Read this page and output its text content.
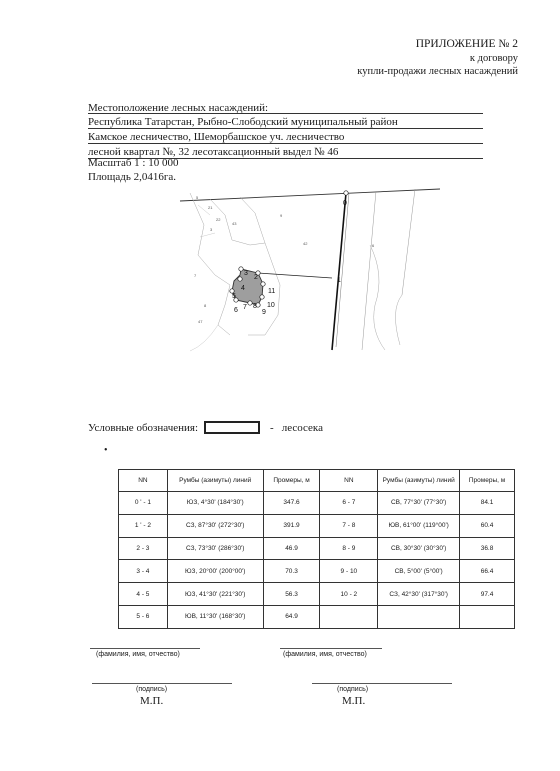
ПРИЛОЖЕНИЕ № 2
к договору
купли-продажи лесных насаждений
Местоположение лесных насаждений:
Республика Татарстан, Рыбно-Слободский муниципальный район
Камское лесничество, Шеморбашское уч. лесничество
лесной квартал №, 32 лесотаксационный выдел № 46
Масштаб 1 : 10 000
Площадь 2,0416га.
0
1
2
3
4
5
6 7 8
9
10
11
42
47
43
21
22
6
5
9
7
8
3
Условные обозначения:	- лесосека
•
NN	Румбы (азимуты) линий	Промеры, м	NN	Румбы (азимуты) линий	Промеры, м
0 ' - 1	ЮЗ, 4°30' (184°30')	347.6	6 - 7	СВ, 77°30' (77°30')	84.1
1 ' - 2	СЗ, 87°30' (272°30')	391.9	7 - 8	ЮВ, 61°00' (119°00')	60.4
2 - 3	СЗ, 73°30' (286°30')	46.9	8 - 9	СВ, 30°30' (30°30')	36.8
3 - 4	ЮЗ, 20°00' (200°00')	70.3	9 - 10	СВ, 5°00' (5°00')	66.4
4 - 5	ЮЗ, 41°30' (221°30')	56.3	10 - 2	СЗ, 42°30' (317°30')	97.4
5 - 6	ЮВ, 11°30' (168°30')	64.9			
(фамилия, имя, отчество)	(фамилия, имя, отчество)
(подпись)
М.П.
(подпись)
М.П.
